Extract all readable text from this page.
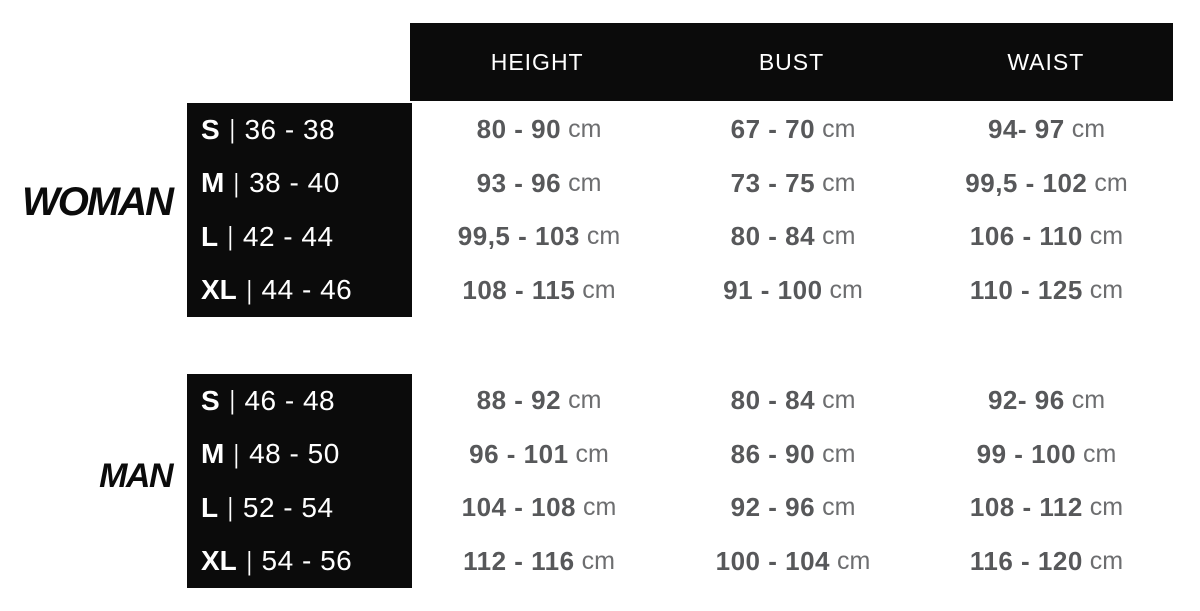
HEIGHT	BUST	WAIST
WOMAN
MAN
S | 36 - 38	80 - 90 cm	67 - 70 cm	94- 97 cm
M | 38 - 40	93 - 96 cm	73 - 75 cm	99,5 - 102 cm
L | 42 - 44	99,5 - 103 cm	80 - 84 cm	106 - 110 cm
XL | 44 - 46	108 - 115 cm	91 - 100 cm	110 - 125 cm
S | 46 - 48	88 - 92 cm	80 - 84 cm	92- 96 cm
M | 48 - 50	96 - 101 cm	86 - 90 cm	99 - 100 cm
L | 52 - 54	104 - 108 cm	92 - 96 cm	108 - 112 cm
XL | 54 - 56	112 - 116 cm	100 - 104 cm	116 - 120 cm
